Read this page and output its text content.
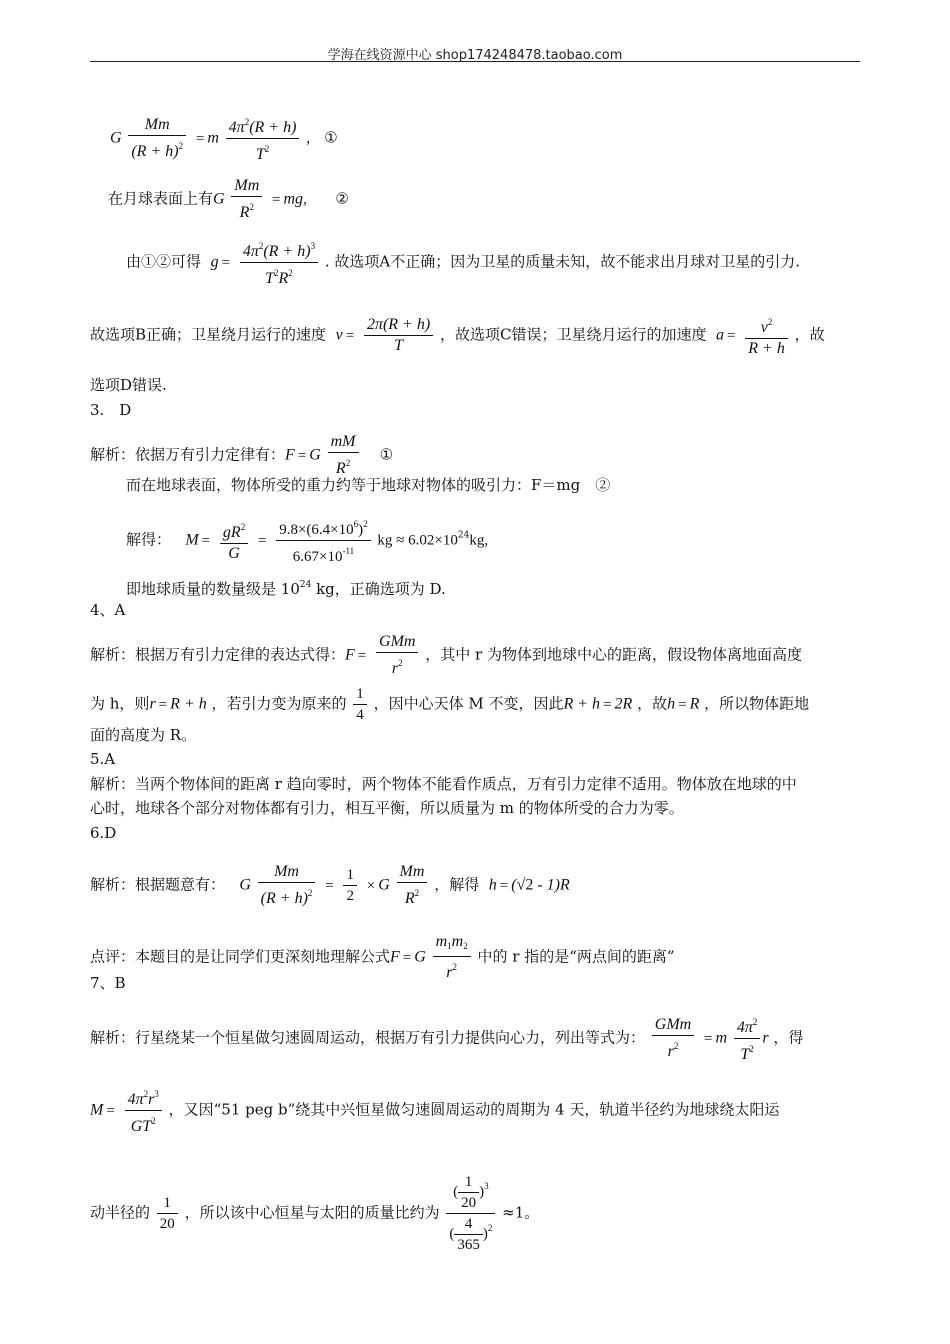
学海在线资源中心 shop174248478.taobao.com
G $\frac{Mm}{(R + h)^2} = m \frac{4\pi^2(R + h)}{T^2}$ , ①
在月球表面上有G $\frac{Mm}{R^2}$ = mg, ②
由①②可得 $g = \frac{4\pi^2(R + h)^3}{T^2R^2}$ . 故选项A不正确；因为卫星的质量未知，故不能求出月球对卫星的引力.
故选项B正确；卫星绕月运行的速度 $v = \frac{2\pi(R + h)}{T}$ ，故选项C错误；卫星绕月运行的加速度 $a = \frac{v^2}{R + h}$ ，故
选项D错误.
3.　D
解析：依据万有引力定律有：F = G $\frac{mM}{R^2}$ ①
而在地球表面，物体所受的重力约等于地球对物体的吸引力：F＝mg　②
解得： $M = \frac{gR^2}{G} = \frac{9.8\times(6.4\times 10^6)^2}{6.67\times 10^{-11}}$ kg ≈ $6.02\times 10^{24}kg$,
即地球质量的数量级是 $10^{24}$ kg，正确选项为 D.
4、A
解析：根据万有引力定律的表达式得：$F = \frac{\text{GMm}}{r^2}$ ，其中 r 为物体到地球中心的距离，假设物体离地面高度
为 h，则r = R + h ，若引力变为原来的 $\frac{1}{4}$ ，因中心天体 M 不变，因此R + h = 2R ，故h = R ，所以物体距地
面的高度为 R。
5.A
解析：当两个物体间的距离 r 趋向零时，两个物体不能看作质点，万有引力定律不适用。物体放在地球的中
心时，地球各个部分对物体都有引力，相互平衡，所以质量为 m 的物体所受的合力为零。
6.D
解析：根据题意有： G $\frac{Mm}{(R + h)^2} = \frac{1}{2} \times G \frac{Mm}{R^2}$ ，解得 h = (√2 - 1)R
点评：本题目的是让同学们更深刻地理解公式F = G $\frac{m_1m_2}{r^2}$ 中的 r 指的是“两点间的距离”
7、B
解析：行星绕某一个恒星做匀速圆周运动，根据万有引力提供向心力，列出等式为： $\frac{\text{GMm}}{r^2} = m \frac{4\pi^2}{T^2}$ r ，得
$M = \frac{4\pi^2r^3}{GT^2}$ ，又因“51 peg b”绕其中兴恒星做匀速圆周运动的周期为 4 天，轨道半径约为地球绕太阳运
动半径的 $\frac{1}{20}$ ，所以该中心恒星与太阳的质量比约为 $\frac{( \frac{1}{20} )^3}{( \frac{4}{365} )^2} \approx 1$。
